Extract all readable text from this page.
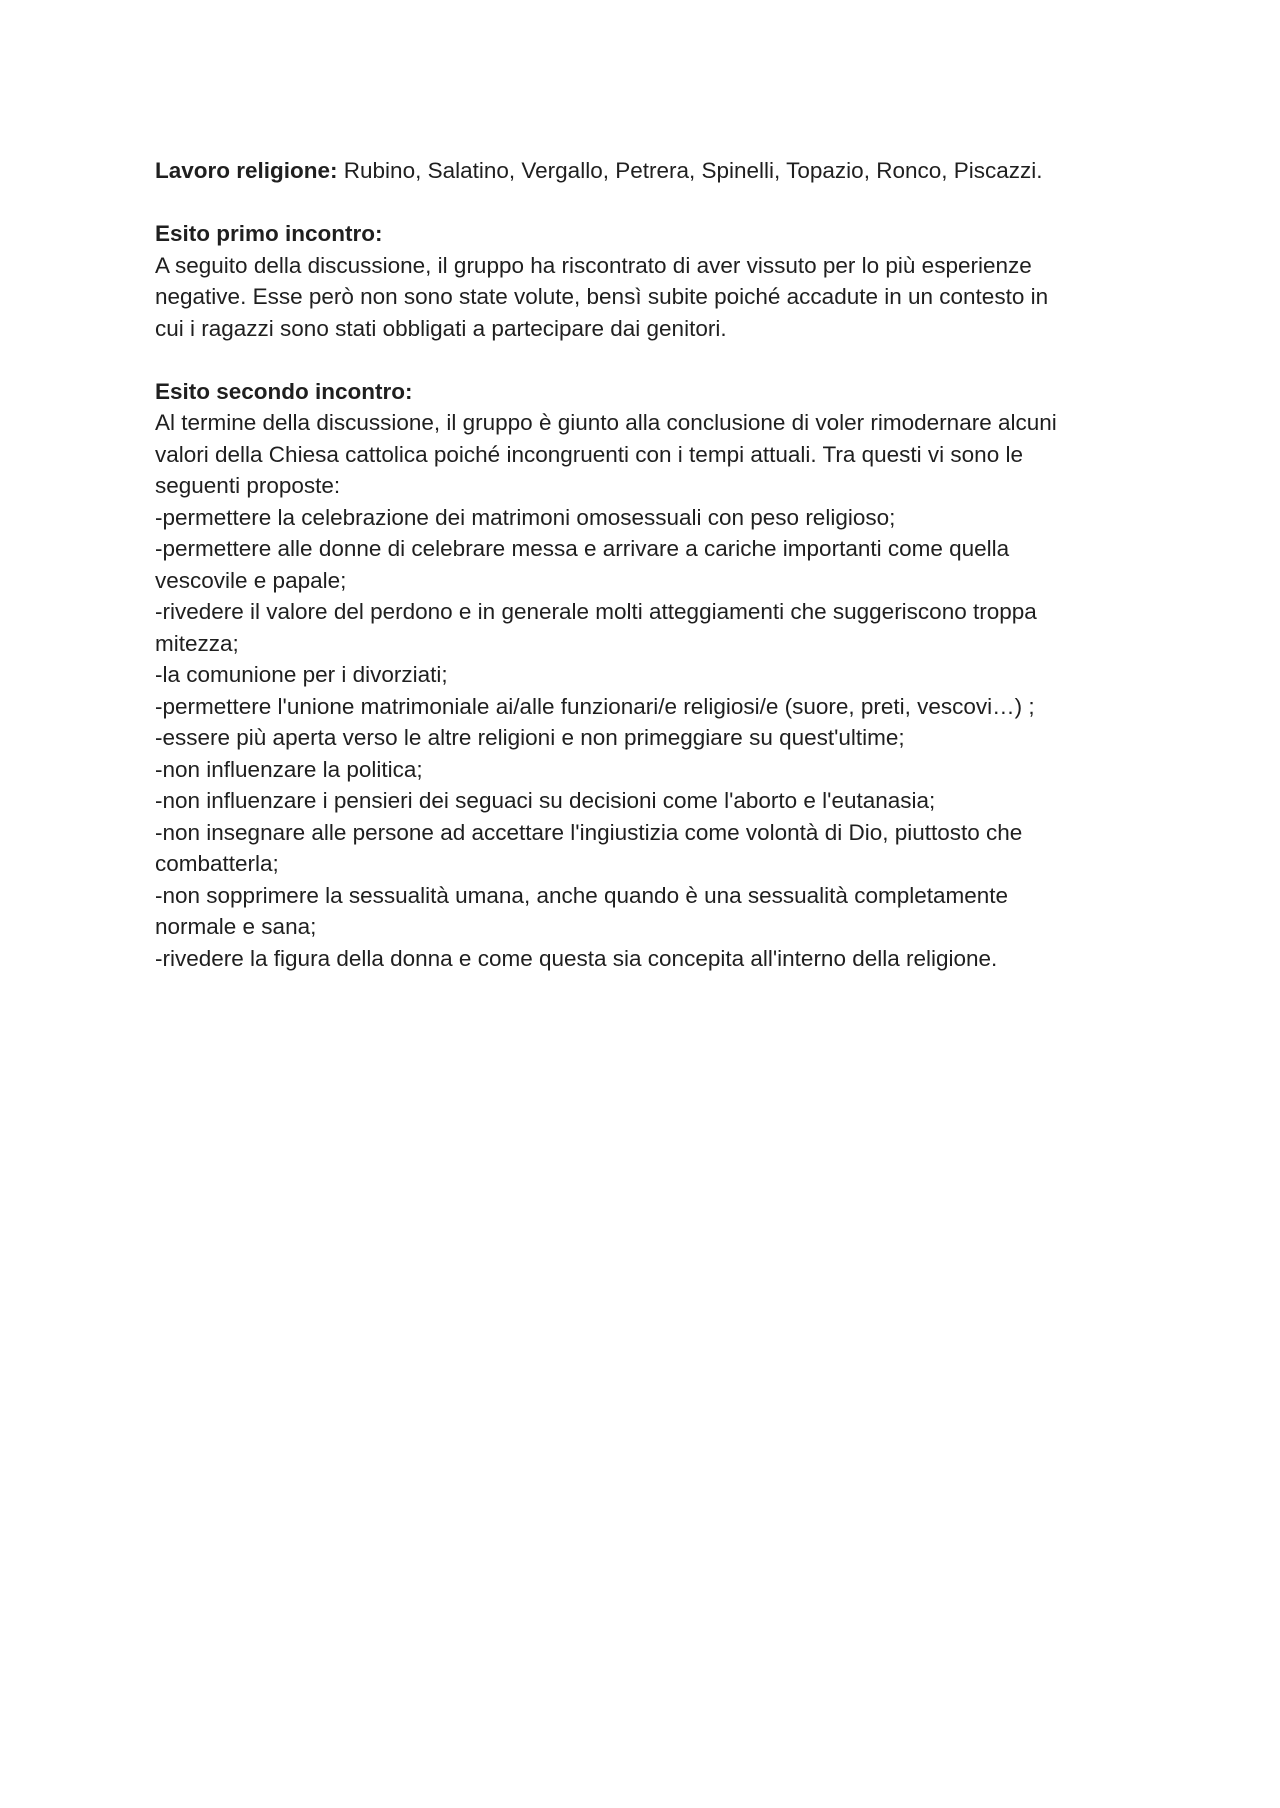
Lavoro religione: Rubino, Salatino, Vergallo, Petrera, Spinelli, Topazio, Ronco, Piscazzi.
Esito primo incontro:
A seguito della discussione, il gruppo ha riscontrato di aver vissuto per lo più esperienze
negative. Esse però non sono state volute, bensì subite poiché accadute in un contesto in
cui i ragazzi sono stati obbligati a partecipare dai genitori.
Esito secondo incontro:
Al termine della discussione, il gruppo è giunto alla conclusione di voler rimodernare alcuni
valori della Chiesa cattolica poiché incongruenti con i tempi attuali. Tra questi vi sono le
seguenti proposte:
-permettere la celebrazione dei matrimoni omosessuali con peso religioso;
-permettere alle donne di celebrare messa e arrivare a cariche importanti come quella
vescovile e papale;
-rivedere il valore del perdono e in generale molti atteggiamenti che suggeriscono troppa
mitezza;
-la comunione per i divorziati;
-permettere l'unione matrimoniale ai/alle funzionari/e religiosi/e (suore, preti, vescovi…) ;
-essere più aperta verso le altre religioni e non primeggiare su quest'ultime;
-non influenzare la politica;
-non influenzare i pensieri dei seguaci su decisioni come l'aborto e l'eutanasia;
-non insegnare alle persone ad accettare l'ingiustizia come volontà di Dio, piuttosto che
combatterla;
-non sopprimere la sessualità umana, anche quando è una sessualità completamente
normale e sana;
-rivedere la figura della donna e come questa sia concepita all'interno della religione.
